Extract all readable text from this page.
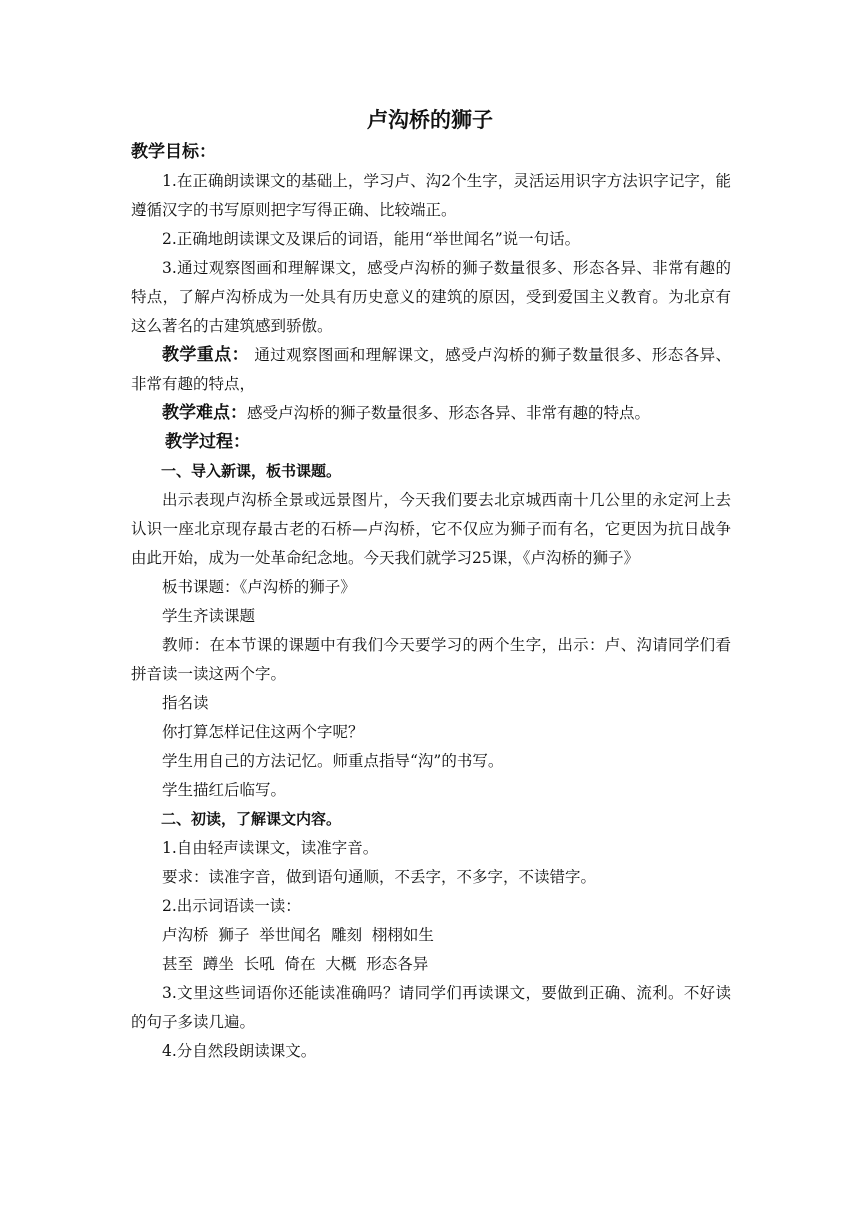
卢沟桥的狮子

教学目标：

1.在正确朗读课文的基础上，学习卢、沟2个生字，灵活运用识字方法识字记字，能遵循汉字的书写原则把字写得正确、比较端正。

2.正确地朗读课文及课后的词语，能用“举世闻名”说一句话。

3.通过观察图画和理解课文，感受卢沟桥的狮子数量很多、形态各异、非常有趣的特点，了解卢沟桥成为一处具有历史意义的建筑的原因，受到爱国主义教育。为北京有这么著名的古建筑感到骄傲。

教学重点： 通过观察图画和理解课文，感受卢沟桥的狮子数量很多、形态各异、非常有趣的特点，

教学难点：感受卢沟桥的狮子数量很多、形态各异、非常有趣的特点。

教学过程：

一、导入新课，板书课题。

出示表现卢沟桥全景或远景图片，今天我们要去北京城西南十几公里的永定河上去认识一座北京现存最古老的石桥—卢沟桥，它不仅应为狮子而有名，它更因为抗日战争由此开始，成为一处革命纪念地。今天我们就学习25课，《卢沟桥的狮子》

板书课题：《卢沟桥的狮子》

学生齐读课题

教师：在本节课的课题中有我们今天要学习的两个生字，出示：卢、沟请同学们看拼音读一读这两个字。

指名读

你打算怎样记住这两个字呢？

学生用自己的方法记忆。师重点指导“沟”的书写。

学生描红后临写。

二、初读，了解课文内容。

1.自由轻声读课文，读准字音。

要求：读准字音，做到语句通顺，不丢字，不多字，不读错字。

2.出示词语读一读：

卢沟桥  狮子  举世闻名  雕刻  栩栩如生

甚至  蹲坐  长吼  倚在  大概  形态各异

3.文里这些词语你还能读准确吗？请同学们再读课文，要做到正确、流利。不好读的句子多读几遍。

4.分自然段朗读课文。
